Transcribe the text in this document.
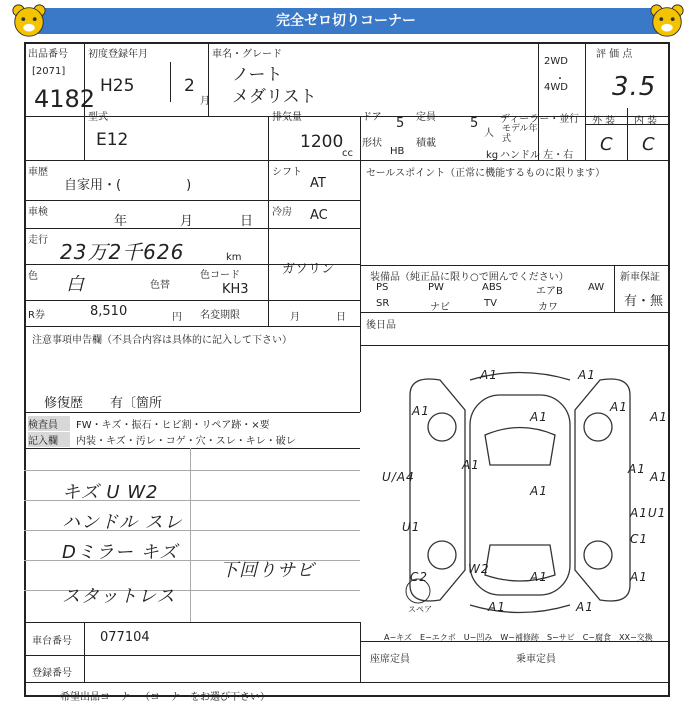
完全ゼロ切りコーナー
出品番号
[2071]
4182
初度登録年月
H25	2
月
車名・グレード
ノート
メダリスト
2WD
・
4WD
評 価 点
3.5
型式
E12
排気量
1200
cc
ドア 5 定員	5
人
形状
HB
積載
kg
ディーラー・並行
モデル年式
ハンドル 左・右
外 装 内 装
C C
車歴
自家用・(　　　　　)
シフト
AT
車検
年	月	日
冷房 AC
走行 23万2千626	km
ガソリン
色 白	色替
色コード
KH3
R券	8,510	円 名変期限	月	日
セールスポイント（正常に機能するものに限ります）
装備品（純正品に限り○で囲んでください）	新車保証
有・無
PS	PW	ABS	エアB	AW
SR	ナビ	TV	カワ
後日品
注意事項申告欄（不具合内容は具体的に記入して下さい）
修復歴 有〔箇所
検査員
記入欄
FW・キズ・振石・ヒビ割・リペア跡・×要
内装・キズ・汚レ・コゲ・穴・スレ・キレ・破レ
キズ U W2
ハンドル スレ
Dミラー キズ
下回りサビ
スタットレス
A1	A1
A1	A1
A1	A1
A1	A1
U/A4
U1
C2
W2
A1
A1U1
C1
A1
A1
A1	A1
A1
スペア
A−キズ　E−エクボ　U−凹み　W−補修跡　S−サビ　C−腐食　XX−交換
車台番号 077104
登録番号
座席定員	乗車定員
希望出品コーナー（コーナーをお選び下さい）
